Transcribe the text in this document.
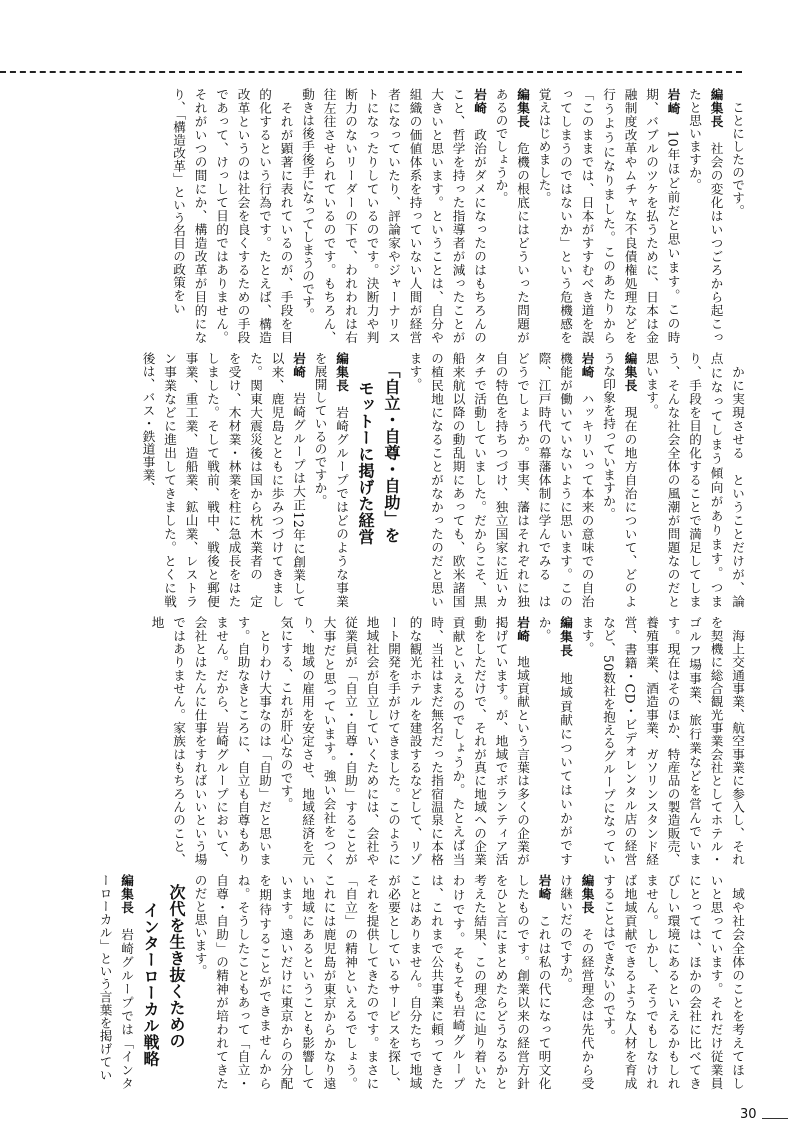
　ことにしたのです。

編集長　社会の変化はいつごろから起こったと思いますか。

岩崎　10年ほど前だと思います。この時期、バブルのツケを払うために、日本は金融制度改革やムチャな不良債権処理などを行うようになりました。このあたりから「このままでは、日本がすすむべき道を誤ってしまうのではないか」という危機感を覚えはじめました。

編集長　危機の根底にはどういった問題があるのでしょうか。

岩崎　政治がダメになったのはもちろんのこと、哲学を持った指導者が減ったことが大きいと思います。ということは、自分や組織の価値体系を持っていない人間が経営者になっていたり、評論家やジャーナリストになったりしているのです。決断力や判断力のないリーダーの下で、われわれは右往左往させられているのです。もちろん、動きは後手後手になってしまうのです。

　それが顕著に表れているのが、手段を目的化するという行為です。たとえば、構造改革というのは社会を良くするための手段であって、けっして目的ではありません。それがいつの間にか、構造改革が目的になり、「構造改革」という名目の政策をい

　かに実現させる　ということだけが、論点になってしまう傾向があります。つまり、手段を目的化することで満足してしまう、そんな社会全体の風潮が問題なのだと思います。

編集長　現在の地方自治について、どのような印象を持っていますか。

岩崎　ハッキリいって本来の意味での自治機能が働いていないように思います。この際、江戸時代の幕藩体制に学んでみる　はどうでしょうか。事実、藩はそれぞれに独自の特色を持ちつづけ、独立国家に近いカタチで活動していました。だからこそ、黒船来航以降の動乱期にあっても、欧米諸国の植民地になることがなかったのだと思います。

「自立・自尊・自助」を

モットーに掲げた経営

編集長　岩崎グループではどのような事業を展開しているのですか。

岩崎　岩崎グループは大正12年に創業して以来、鹿児島とともに歩みつづけてきました。関東大震災後は国から枕木業者の　定を受け、木材業・林業を柱に急成長をはたしました。そして戦前、戦中、戦後と郵便事業、重工業、造船業、鉱山業、レストラン事業などに進出してきました。とくに戦後は、バス・鉄道事業、

　海上交通事業、航空事業に参入し、それを契機に総合観光事業会社としてホテル・ゴルフ場事業、旅行業などを営んでいます。現在はそのほか、特産品の製造販売、養殖事業、酒造事業、ガソリンスタンド経営、書籍・CD・ビデオレンタル店の経営など、50数社を抱えるグループになっています。

編集長　地域貢献についてはいかがですか。

岩崎　地域貢献という言葉は多くの企業が掲げています。が、地域でボランティア活動をしただけで、それが真に地域への企業貢献といえるのでしょうか。たとえば当時、当社はまだ無名だった指宿温泉に本格的な観光ホテルを建設するなどして、リゾート開発を手がけてきました。このように地域社会が自立していくためには、会社や従業員が「自立・自尊・自助」することが大事だと思っています。強い会社をつくり、地域の雇用を安定させ、地域経済を元気にする、これが肝心なのです。

　とりわけ大事なのは「自助」だと思います。自助なきところに、自立も自尊もありません。だから、岩崎グループにおいて、会社とはたんに仕事をすればいいという場ではありません。家族はもちろんのこと、地

　域や社会全体のことを考えてほしいと思っています。それだけ従業員にとっては、ほかの会社に比べてきびしい環境にあるといえるかもしれません。しかし、そうでもしなければ地域貢献できるような人材を育成することはできないのです。

編集長　その経営理念は先代から受け継いだのですか。

岩崎　これは私の代になって明文化したものです。創業以来の経営方針をひと言にまとめたらどうなるかと考えた結果、この理念に辿り着いたわけです。そもそも岩崎グループは、これまで公共事業に頼ってきたことはありません。自分たちで地域が必要としているサービスを探し、それを提供してきたのです。まさに「自立」の精神といえるでしょう。これには鹿児島が東京からかなり遠い地域にあるということも影響しています。遠いだけに東京からの分配を期待することができませんからね。そうしたこともあって「自立・自尊・自助」の精神が培われてきたのだと思います。

次代を生き抜くための

インターローカル戦略

編集長　岩崎グループでは「インターローカル」という言葉を掲げてい

30
